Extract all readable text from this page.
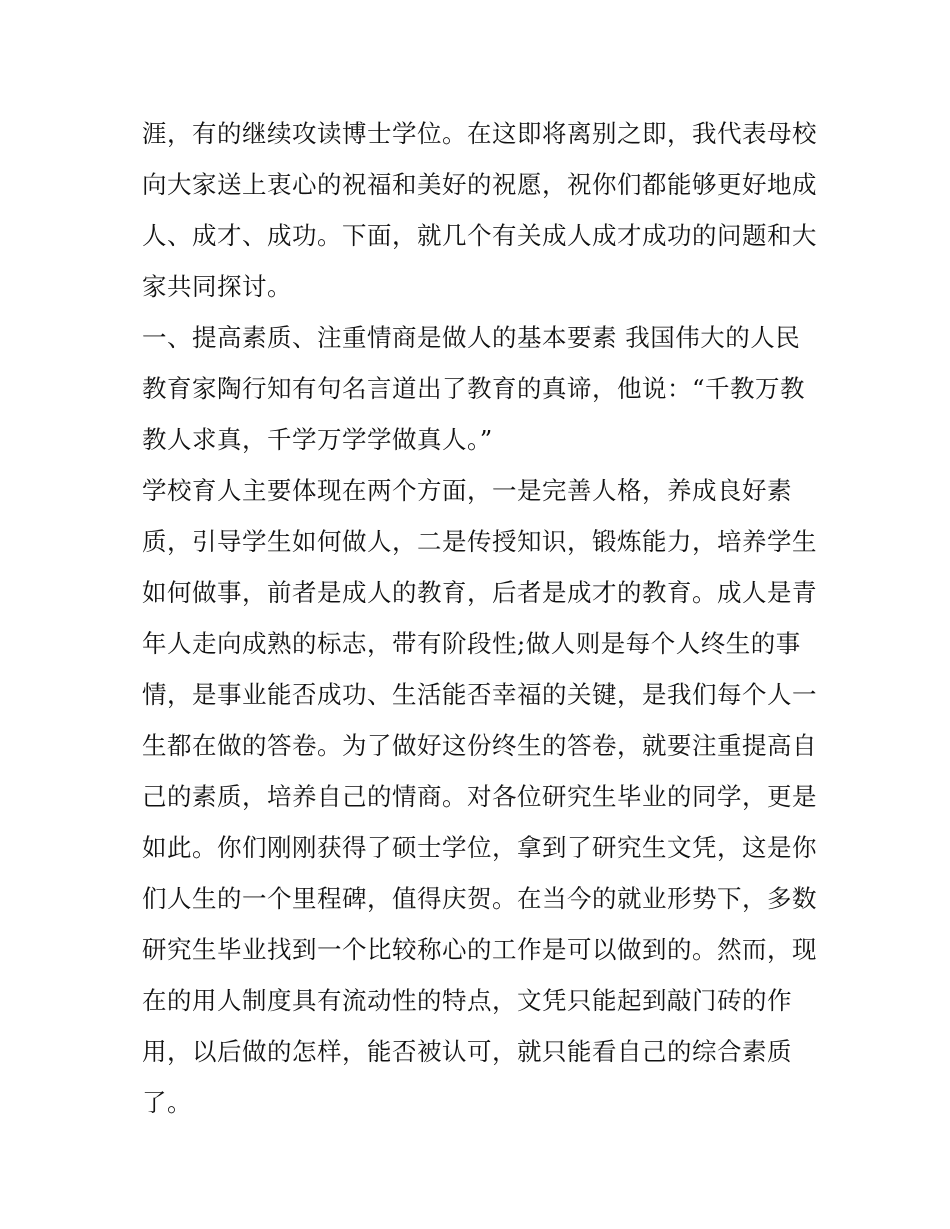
涯，有的继续攻读博士学位。在这即将离别之即，我代表母校
向大家送上衷心的祝福和美好的祝愿，祝你们都能够更好地成
人、成才、成功。下面，就几个有关成人成才成功的问题和大
家共同探讨。
一、提高素质、注重情商是做人的基本要素 我国伟大的人民
教育家陶行知有句名言道出了教育的真谛，他说：“千教万教
教人求真，千学万学学做真人。”
学校育人主要体现在两个方面，一是完善人格，养成良好素
质，引导学生如何做人，二是传授知识，锻炼能力，培养学生
如何做事，前者是成人的教育，后者是成才的教育。成人是青
年人走向成熟的标志，带有阶段性;做人则是每个人终生的事
情，是事业能否成功、生活能否幸福的关键，是我们每个人一
生都在做的答卷。为了做好这份终生的答卷，就要注重提高自
己的素质，培养自己的情商。对各位研究生毕业的同学，更是
如此。你们刚刚获得了硕士学位，拿到了研究生文凭，这是你
们人生的一个里程碑，值得庆贺。在当今的就业形势下，多数
研究生毕业找到一个比较称心的工作是可以做到的。然而，现
在的用人制度具有流动性的特点，文凭只能起到敲门砖的作
用，以后做的怎样，能否被认可，就只能看自己的综合素质
了。
